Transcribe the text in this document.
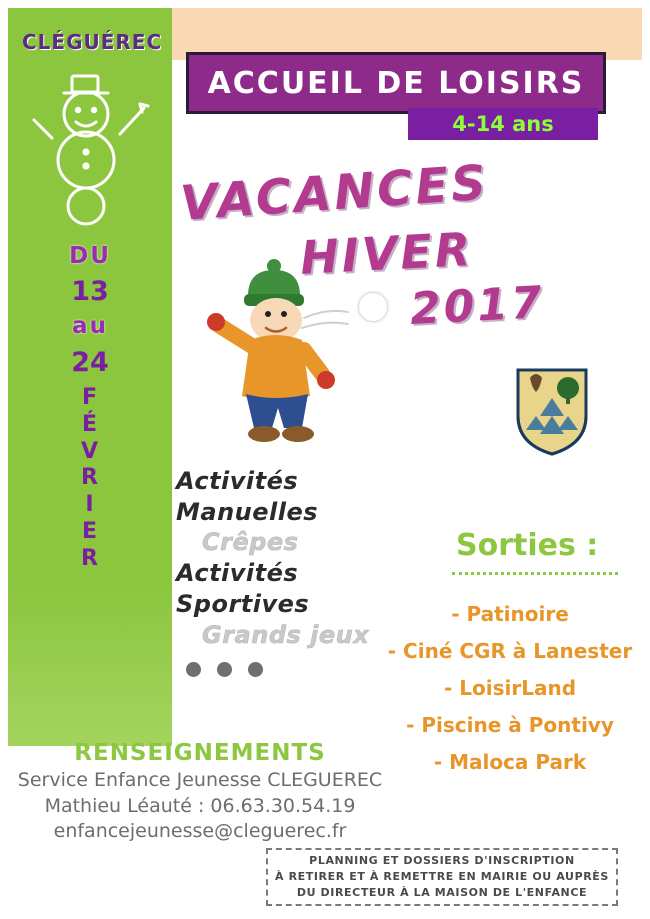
CLÉGUÉREC
DU
13
au
24
F
É
V
R
I
E
R
ACCUEIL DE LOISIRS
4-14 ans
VACANCES
HIVER
2017
Activités Manuelles
Crêpes
Activités Sportives
Grands jeux
Sorties :
- Patinoire
- Ciné CGR à Lanester
- LoisirLand
- Piscine à Pontivy
- Maloca Park
RENSEIGNEMENTS
Service Enfance Jeunesse CLEGUEREC
Mathieu Léauté : 06.63.30.54.19
enfancejeunesse@cleguerec.fr
PLANNING ET DOSSIERS D'INSCRIPTION
À RETIRER ET À REMETTRE EN MAIRIE OU AUPRÈS
DU DIRECTEUR À LA MAISON DE L'ENFANCE
